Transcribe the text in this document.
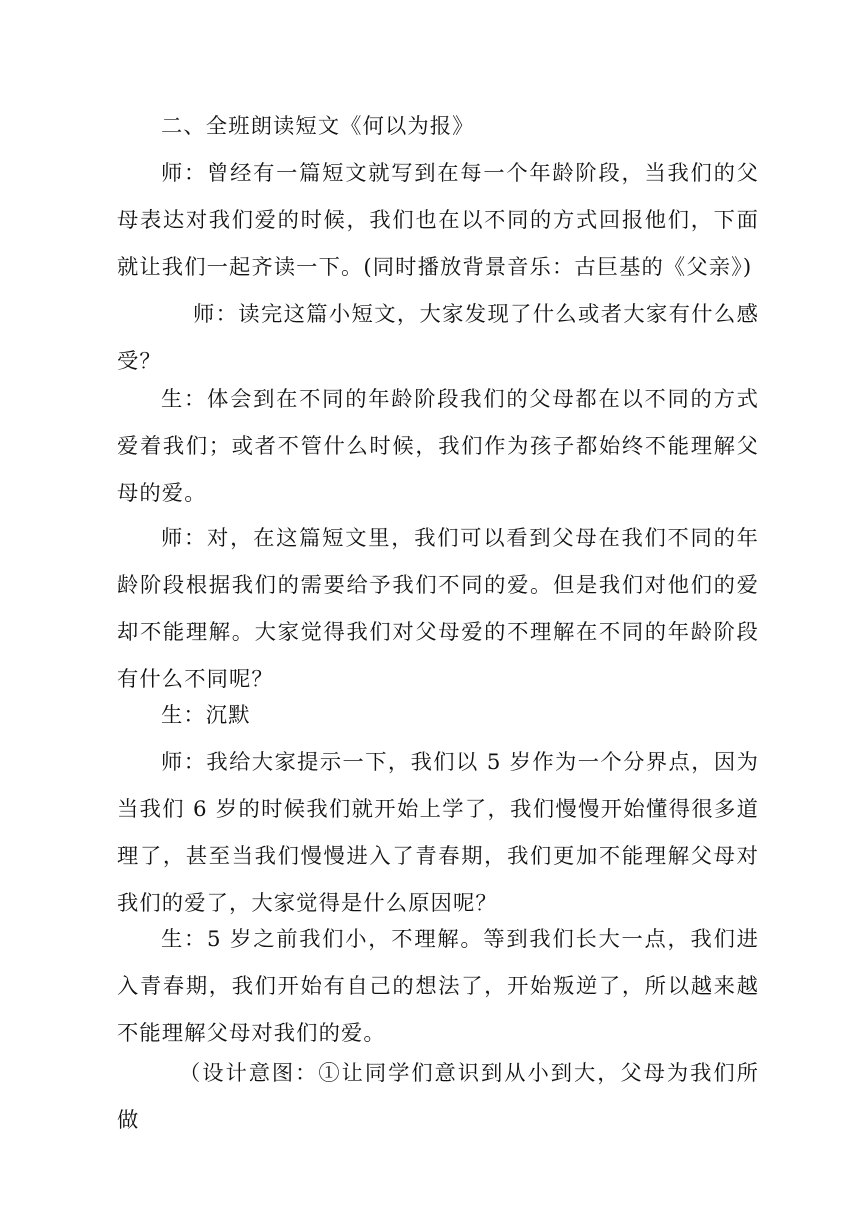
二、全班朗读短文《何以为报》

师：曾经有一篇短文就写到在每一个年龄阶段，当我们的父母表达对我们爱的时候，我们也在以不同的方式回报他们，下面就让我们一起齐读一下。(同时播放背景音乐：古巨基的《父亲》)

师：读完这篇小短文，大家发现了什么或者大家有什么感受？

生：体会到在不同的年龄阶段我们的父母都在以不同的方式爱着我们；或者不管什么时候，我们作为孩子都始终不能理解父母的爱。

师：对，在这篇短文里，我们可以看到父母在我们不同的年龄阶段根据我们的需要给予我们不同的爱。但是我们对他们的爱却不能理解。大家觉得我们对父母爱的不理解在不同的年龄阶段有什么不同呢？

生：沉默

师：我给大家提示一下，我们以 5 岁作为一个分界点，因为当我们 6 岁的时候我们就开始上学了，我们慢慢开始懂得很多道理了，甚至当我们慢慢进入了青春期，我们更加不能理解父母对我们的爱了，大家觉得是什么原因呢？

生：5 岁之前我们小，不理解。等到我们长大一点，我们进入青春期，我们开始有自己的想法了，开始叛逆了，所以越来越不能理解父母对我们的爱。

（设计意图：①让同学们意识到从小到大，父母为我们所做
